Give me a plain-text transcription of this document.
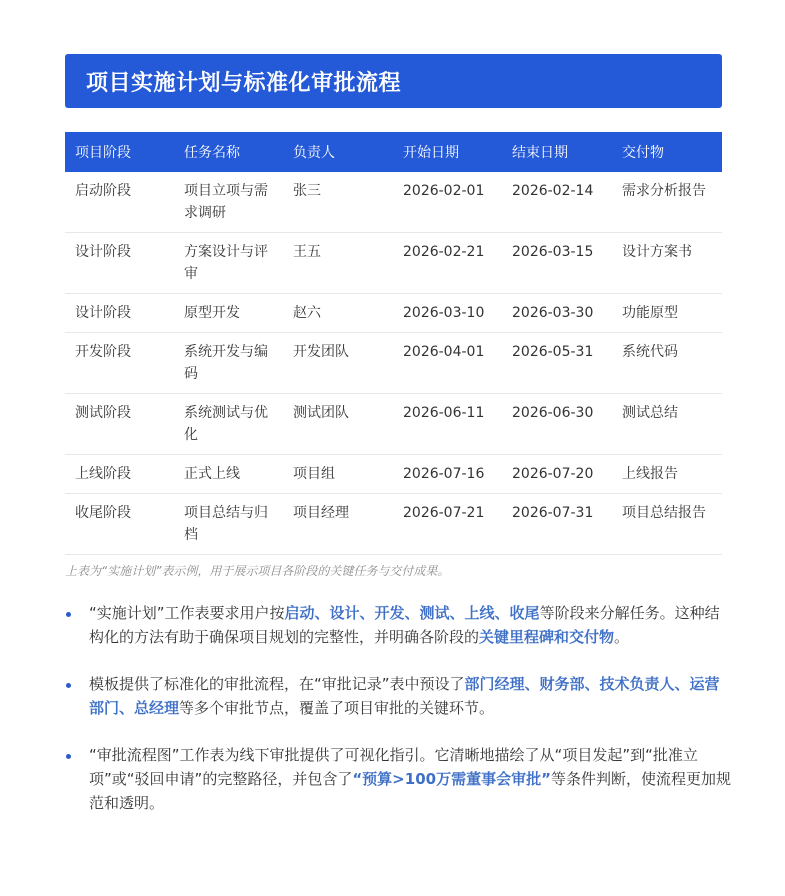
项目实施计划与标准化审批流程
项目阶段	任务名称	负责人	开始日期	结束日期	交付物
启动阶段	项目立项与需求调研	张三	2026-02-01	2026-02-14	需求分析报告
设计阶段	方案设计与评审	王五	2026-02-21	2026-03-15	设计方案书
设计阶段	原型开发	赵六	2026-03-10	2026-03-30	功能原型
开发阶段	系统开发与编码	开发团队	2026-04-01	2026-05-31	系统代码
测试阶段	系统测试与优化	测试团队	2026-06-11	2026-06-30	测试总结
上线阶段	正式上线	项目组	2026-07-16	2026-07-20	上线报告
收尾阶段	项目总结与归档	项目经理	2026-07-21	2026-07-31	项目总结报告
上表为“实施计划”表示例，用于展示项目各阶段的关键任务与交付成果。
“实施计划”工作表要求用户按启动、设计、开发、测试、上线、收尾等阶段来分解任务。这种结构化的方法有助于确保项目规划的完整性，并明确各阶段的关键里程碑和交付物。
模板提供了标准化的审批流程，在“审批记录”表中预设了部门经理、财务部、技术负责人、运营部门、总经理等多个审批节点，覆盖了项目审批的关键环节。
“审批流程图”工作表为线下审批提供了可视化指引。它清晰地描绘了从“项目发起”到“批准立项”或“驳回申请”的完整路径，并包含了“预算>100万需董事会审批”等条件判断，使流程更加规范和透明。
